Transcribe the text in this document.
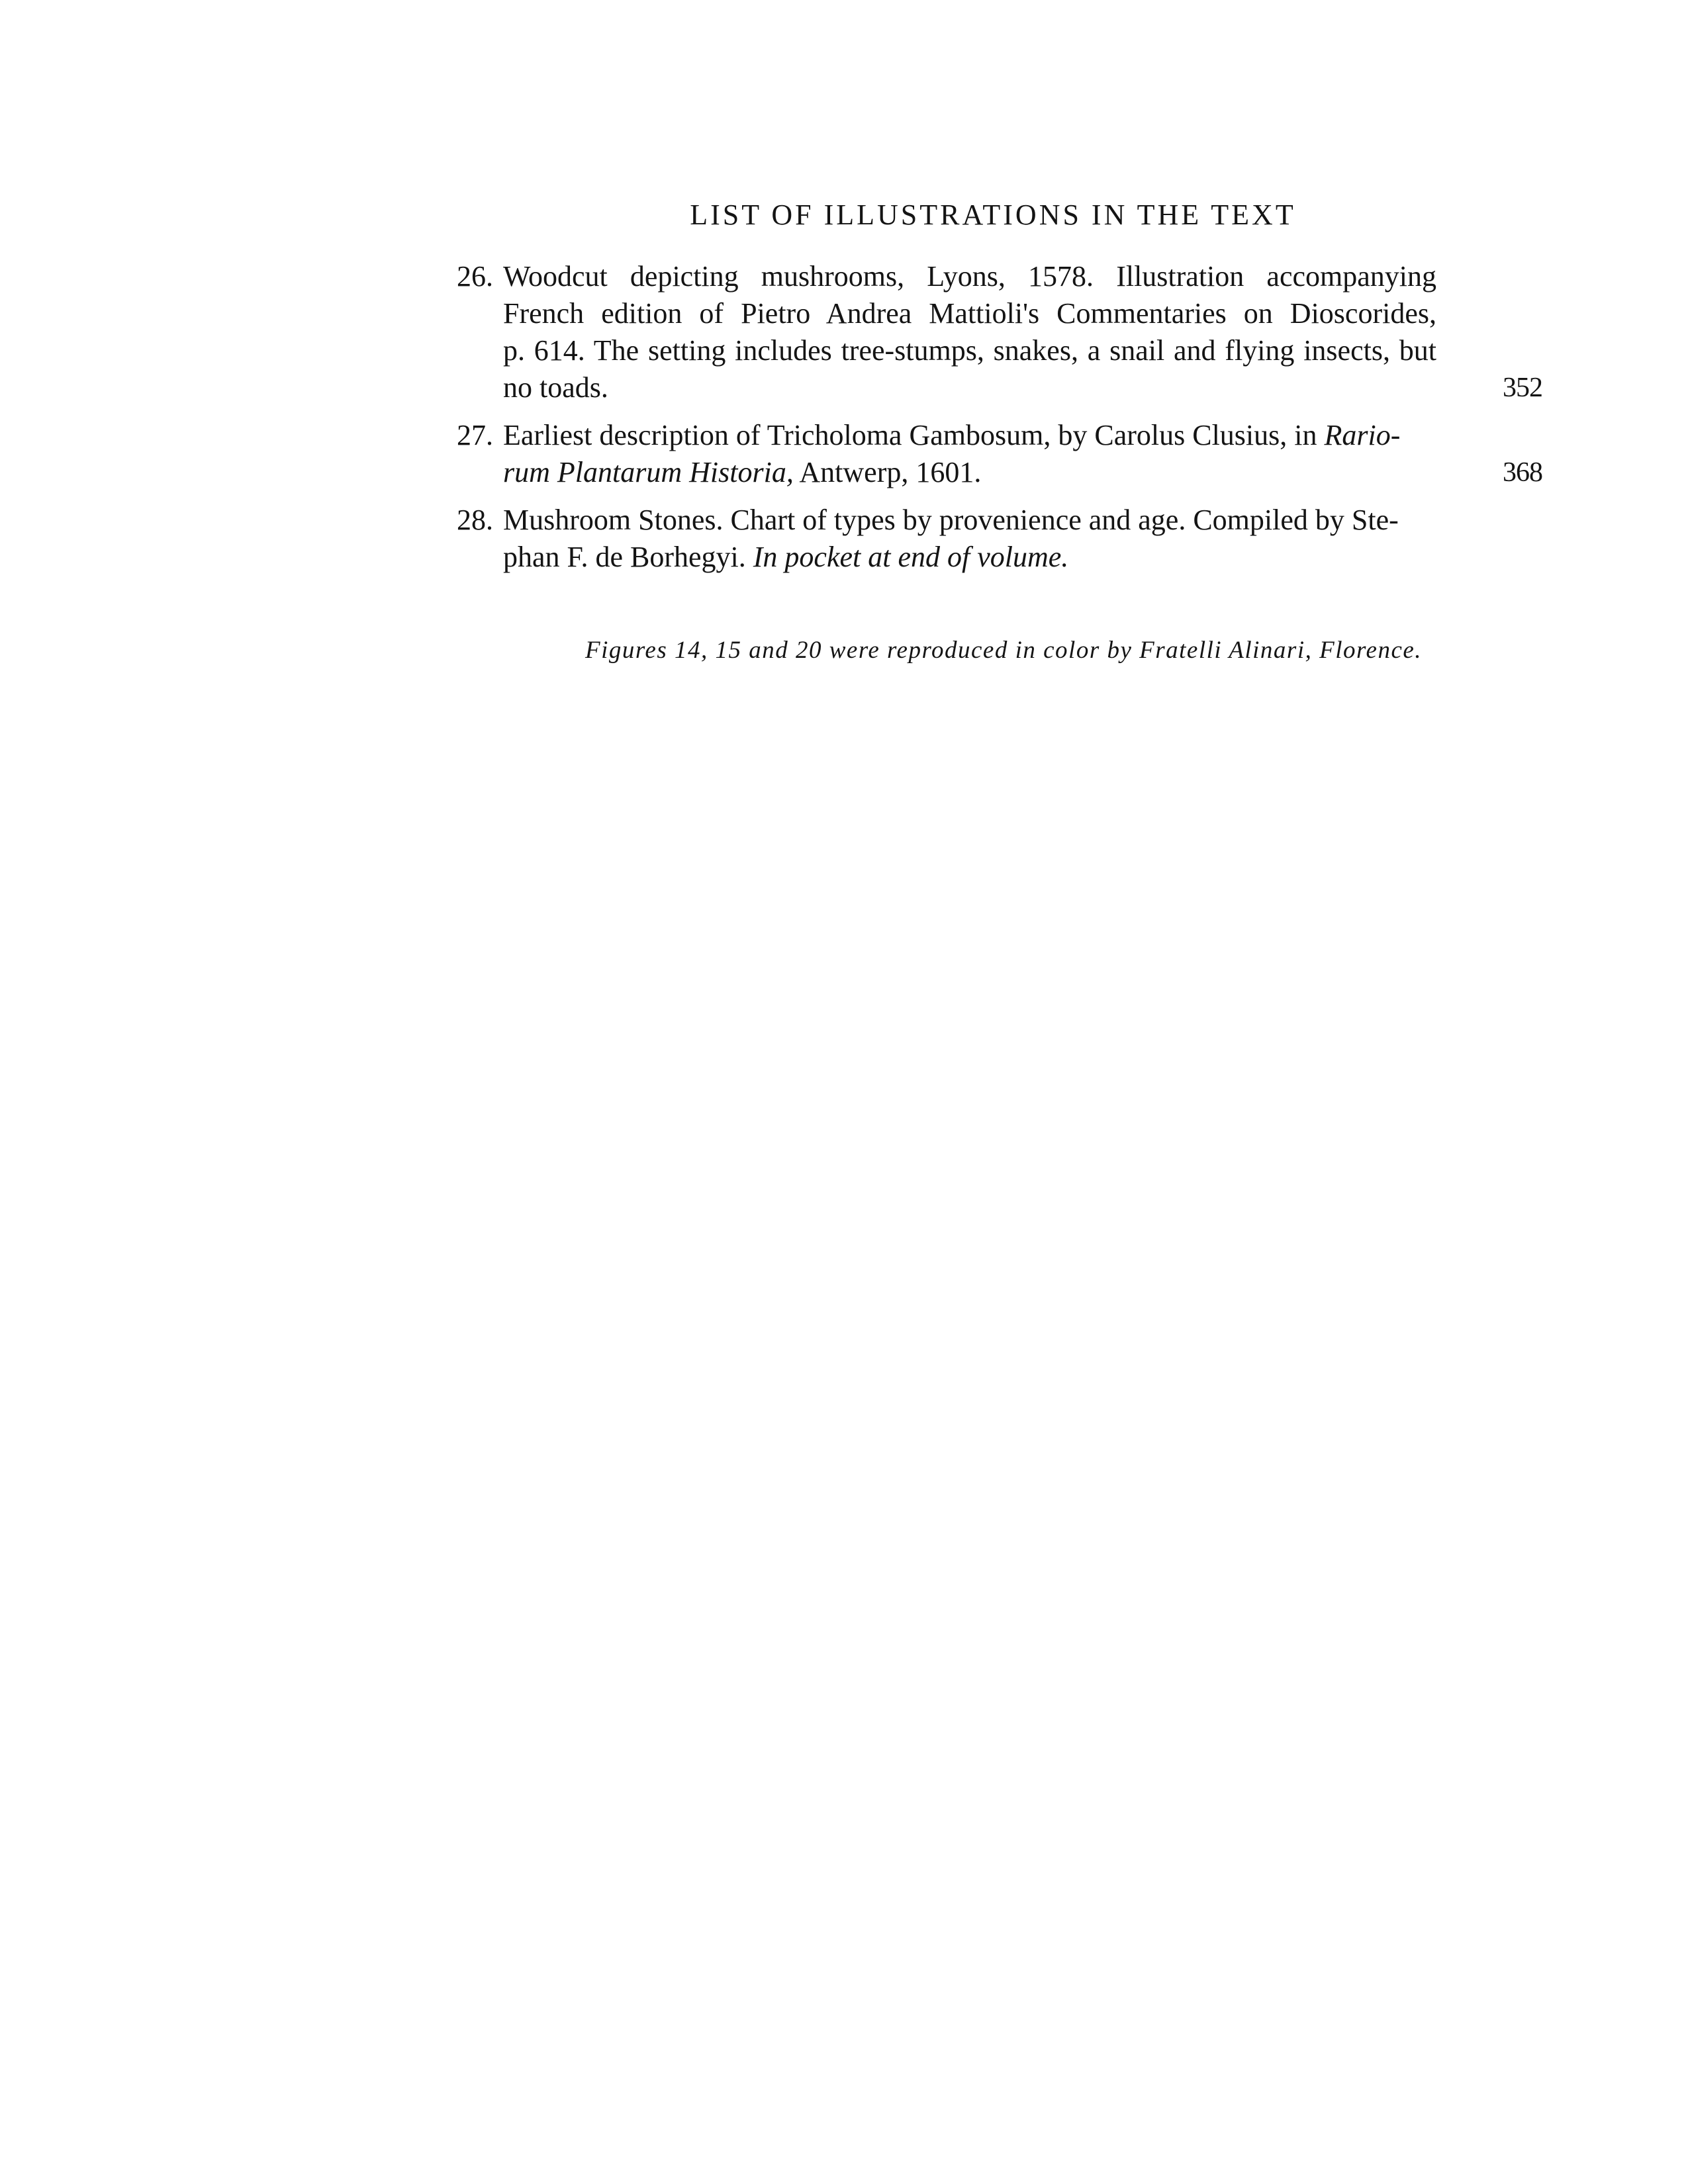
LIST OF ILLUSTRATIONS IN THE TEXT
26. Woodcut depicting mushrooms, Lyons, 1578. Illustration accompanying
French edition of Pietro Andrea Mattioli's Commentaries on Dioscorides,
p. 614. The setting includes tree-stumps, snakes, a snail and flying insects, but
no toads.	352
27. Earliest description of Tricholoma Gambosum, by Carolus Clusius, in Rario-
rum Plantarum Historia, Antwerp, 1601.	368
28. Mushroom Stones. Chart of types by provenience and age. Compiled by Ste-
phan F. de Borhegyi. In pocket at end of volume.
Figures 14, 15 and 20 were reproduced in color by Fratelli Alinari, Florence.
